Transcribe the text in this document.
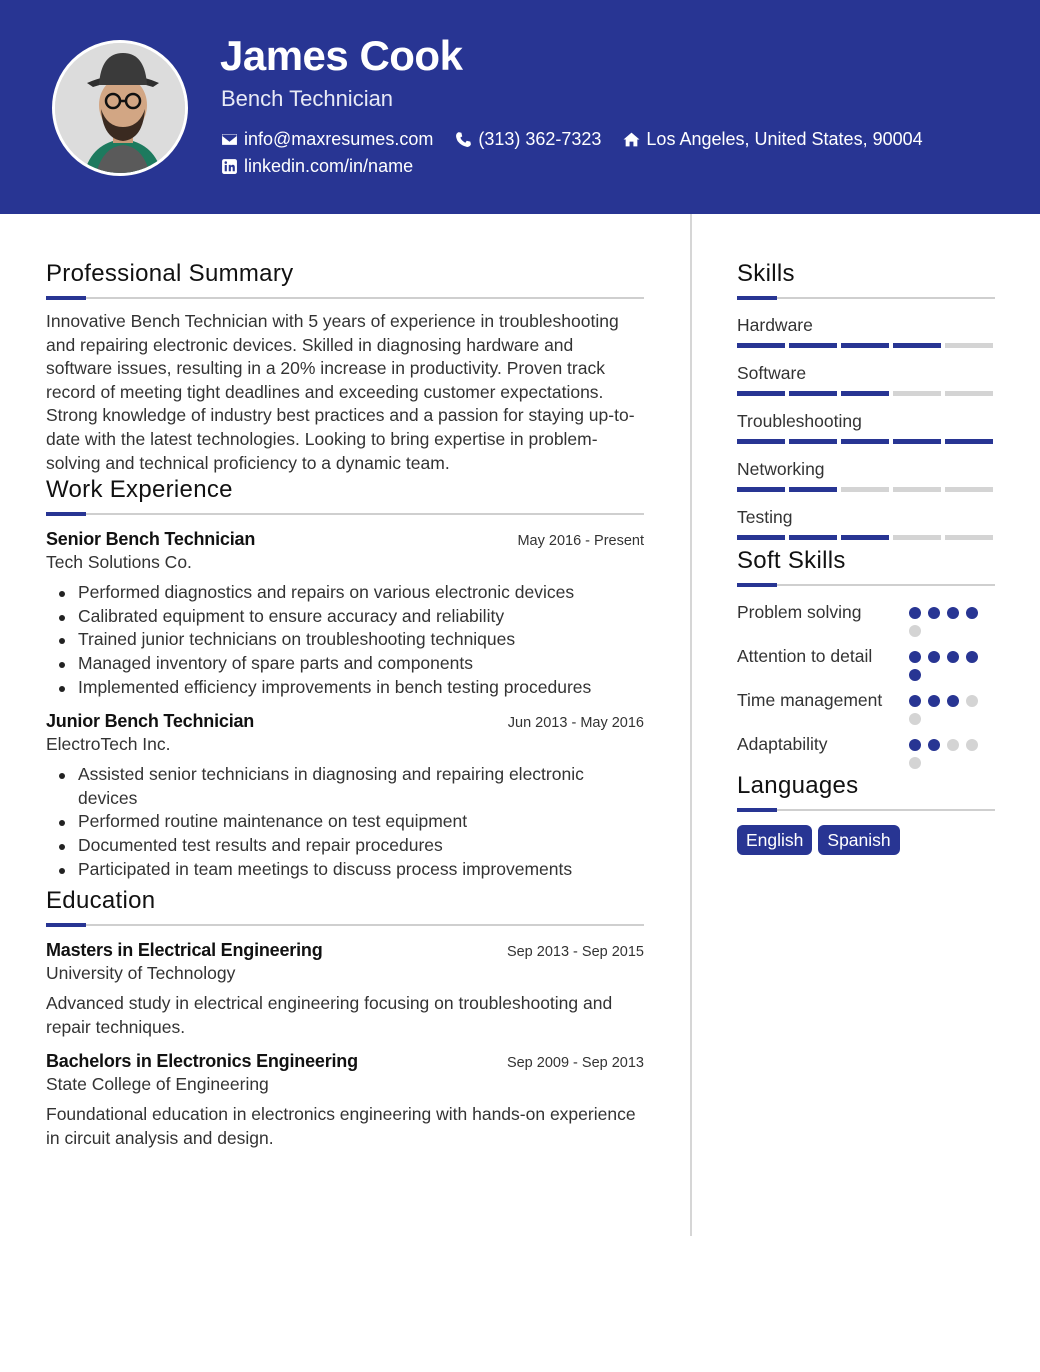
James Cook
Bench Technician
info@maxresumes.com	(313) 362-7323	Los Angeles, United States, 90004
linkedin.com/in/name
Professional Summary

Innovative Bench Technician with 5 years of experience in troubleshooting and repairing electronic devices. Skilled in diagnosing hardware and software issues, resulting in a 20% increase in productivity. Proven track record of meeting tight deadlines and exceeding customer expectations. Strong knowledge of industry best practices and a passion for staying up-to-date with the latest technologies. Looking to bring expertise in problem-solving and technical proficiency to a dynamic team.

Work Experience
Senior Bench Technician	May 2016 - Present
Tech Solutions Co.
Performed diagnostics and repairs on various electronic devices
Calibrated equipment to ensure accuracy and reliability
Trained junior technicians on troubleshooting techniques
Managed inventory of spare parts and components
Implemented efficiency improvements in bench testing procedures
Junior Bench Technician	Jun 2013 - May 2016
ElectroTech Inc.
Assisted senior technicians in diagnosing and repairing electronic devices
Performed routine maintenance on test equipment
Documented test results and repair procedures
Participated in team meetings to discuss process improvements
Education
Masters in Electrical Engineering	Sep 2013 - Sep 2015
University of Technology

Advanced study in electrical engineering focusing on troubleshooting and repair techniques.

Bachelors in Electronics Engineering	Sep 2009 - Sep 2013
State College of Engineering

Foundational education in electronics engineering with hands-on experience in circuit analysis and design.

Skills
Hardware
Software
Troubleshooting
Networking
Testing
Soft Skills
Problem solving
Attention to detail
Time management
Adaptability
Languages
English	Spanish
